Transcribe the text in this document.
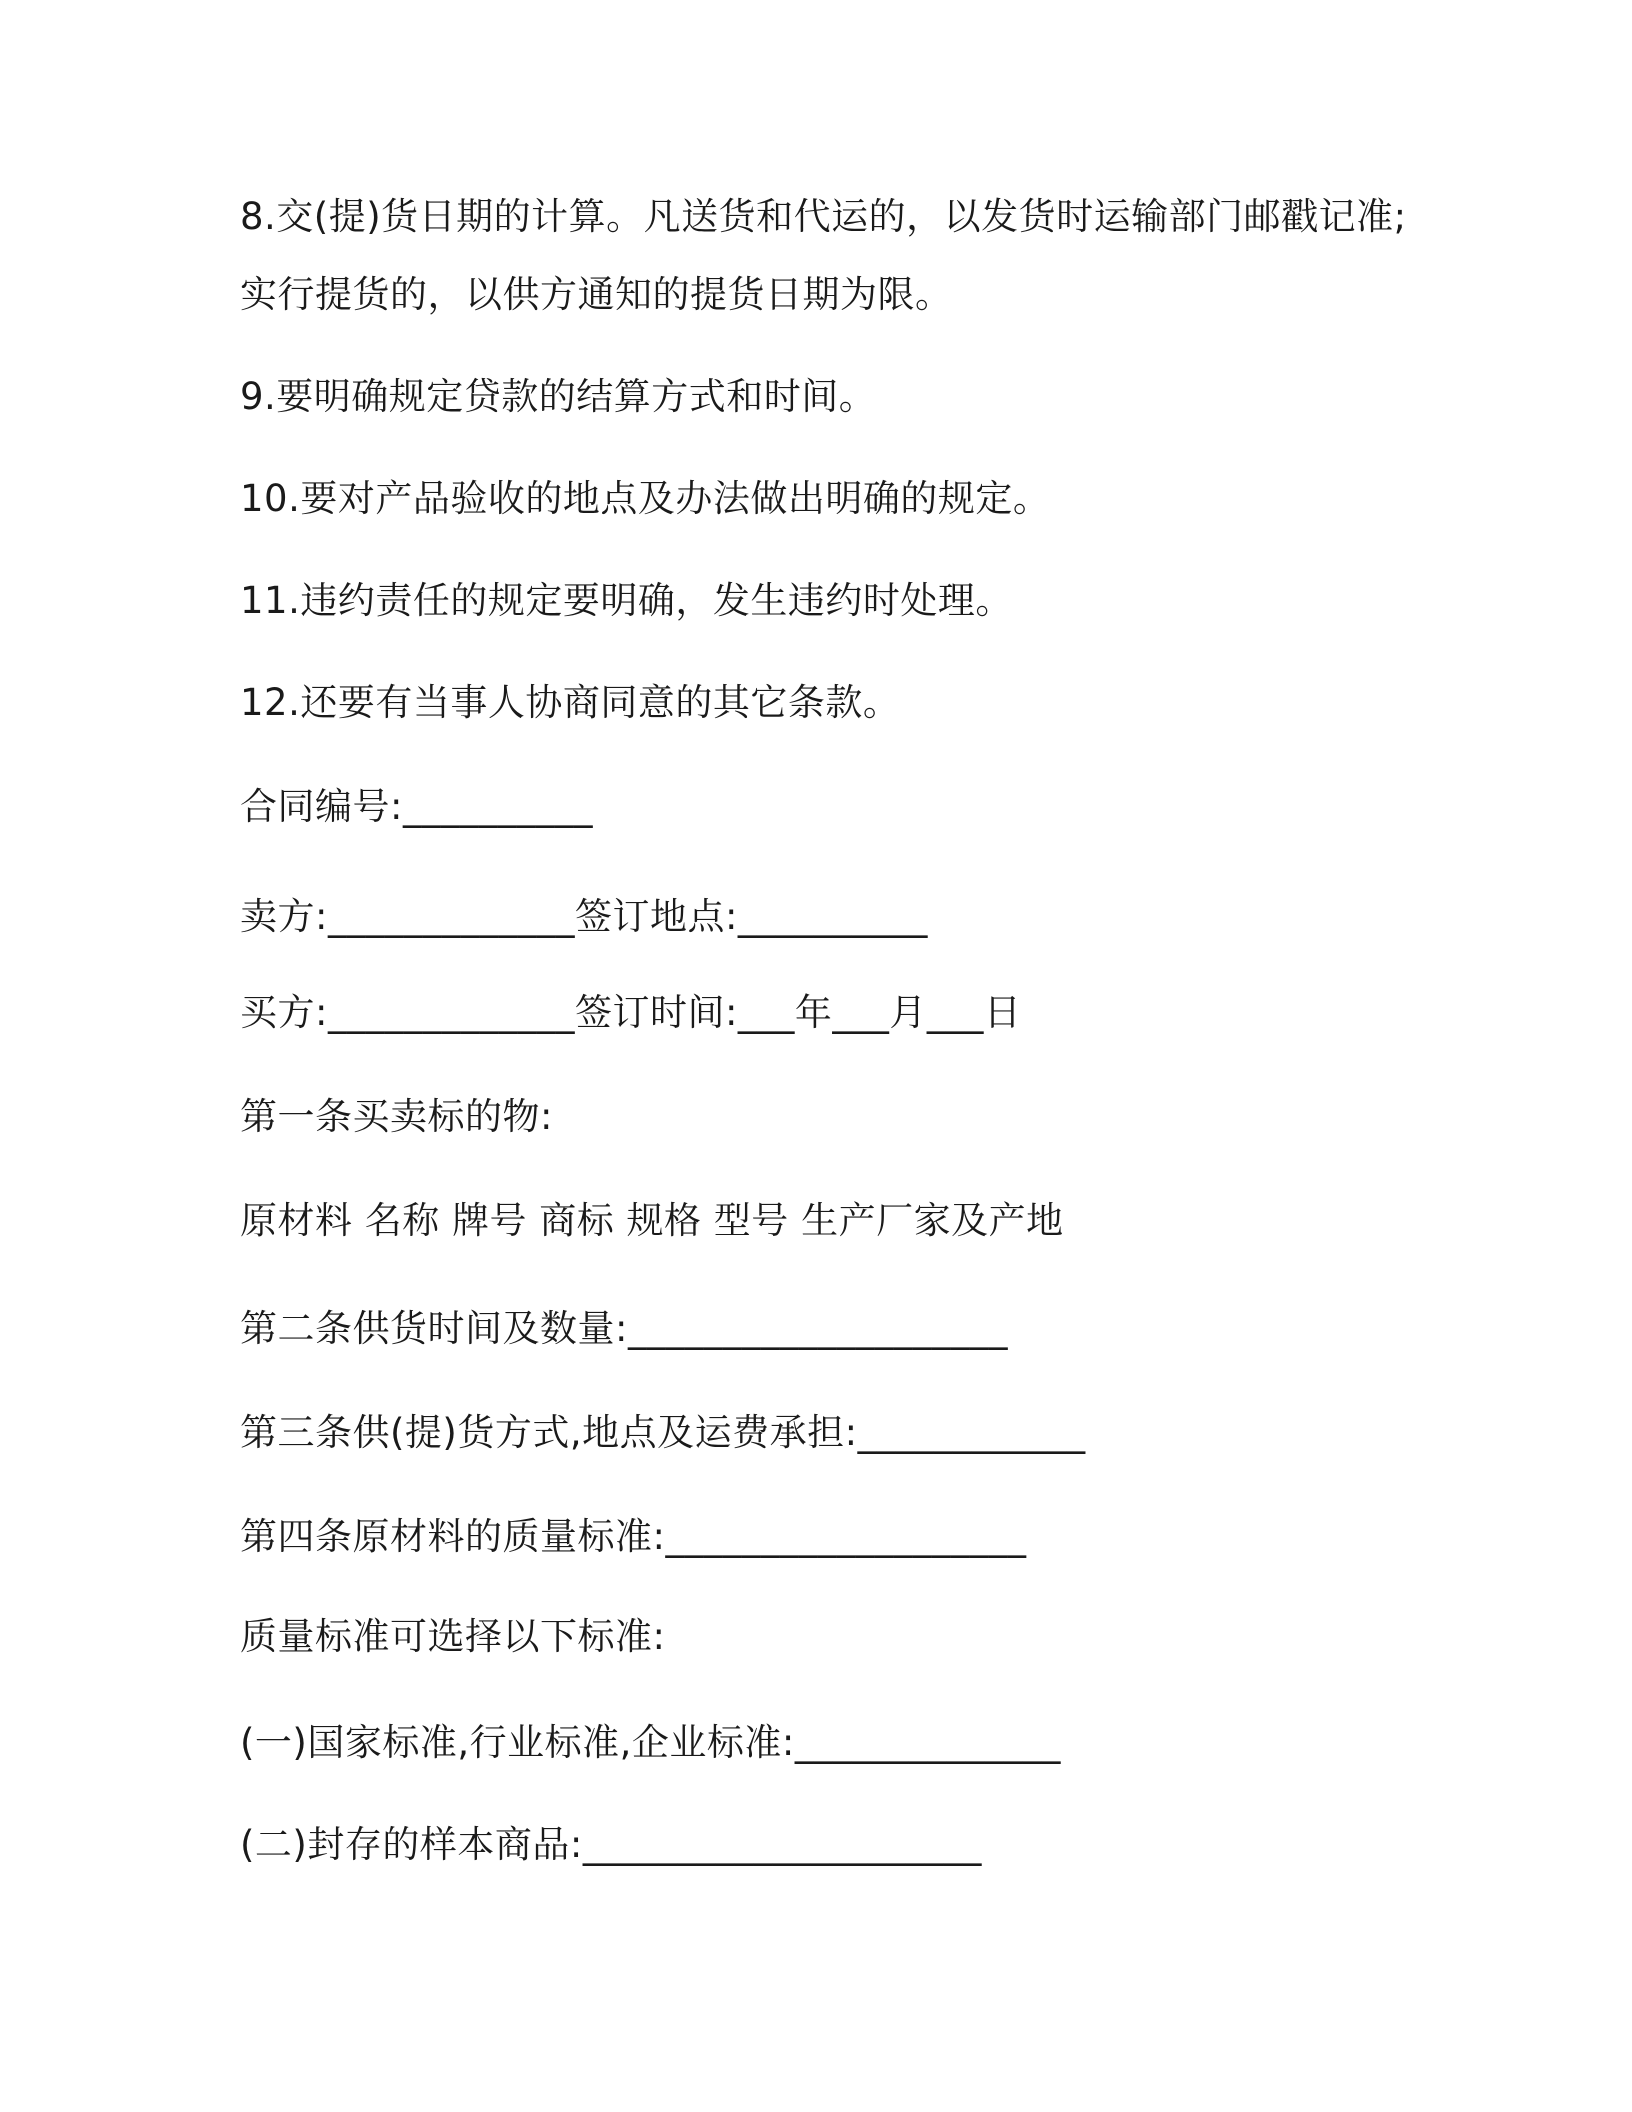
8.交(提)货日期的计算。凡送货和代运的，以发货时运输部门邮戳记准;
实行提货的，以供方通知的提货日期为限。
9.要明确规定贷款的结算方式和时间。
10.要对产品验收的地点及办法做出明确的规定。
11.违约责任的规定要明确，发生违约时处理。
12.还要有当事人协商同意的其它条款。
合同编号:__________
卖方:_____________签订地点:__________
买方:_____________签订时间:___年___月___日
第一条买卖标的物:
原材料 名称 牌号 商标 规格 型号 生产厂家及产地
第二条供货时间及数量:____________________
第三条供(提)货方式,地点及运费承担:____________
第四条原材料的质量标准:___________________
质量标准可选择以下标准:
(一)国家标准,行业标准,企业标准:______________
(二)封存的样本商品:_____________________
